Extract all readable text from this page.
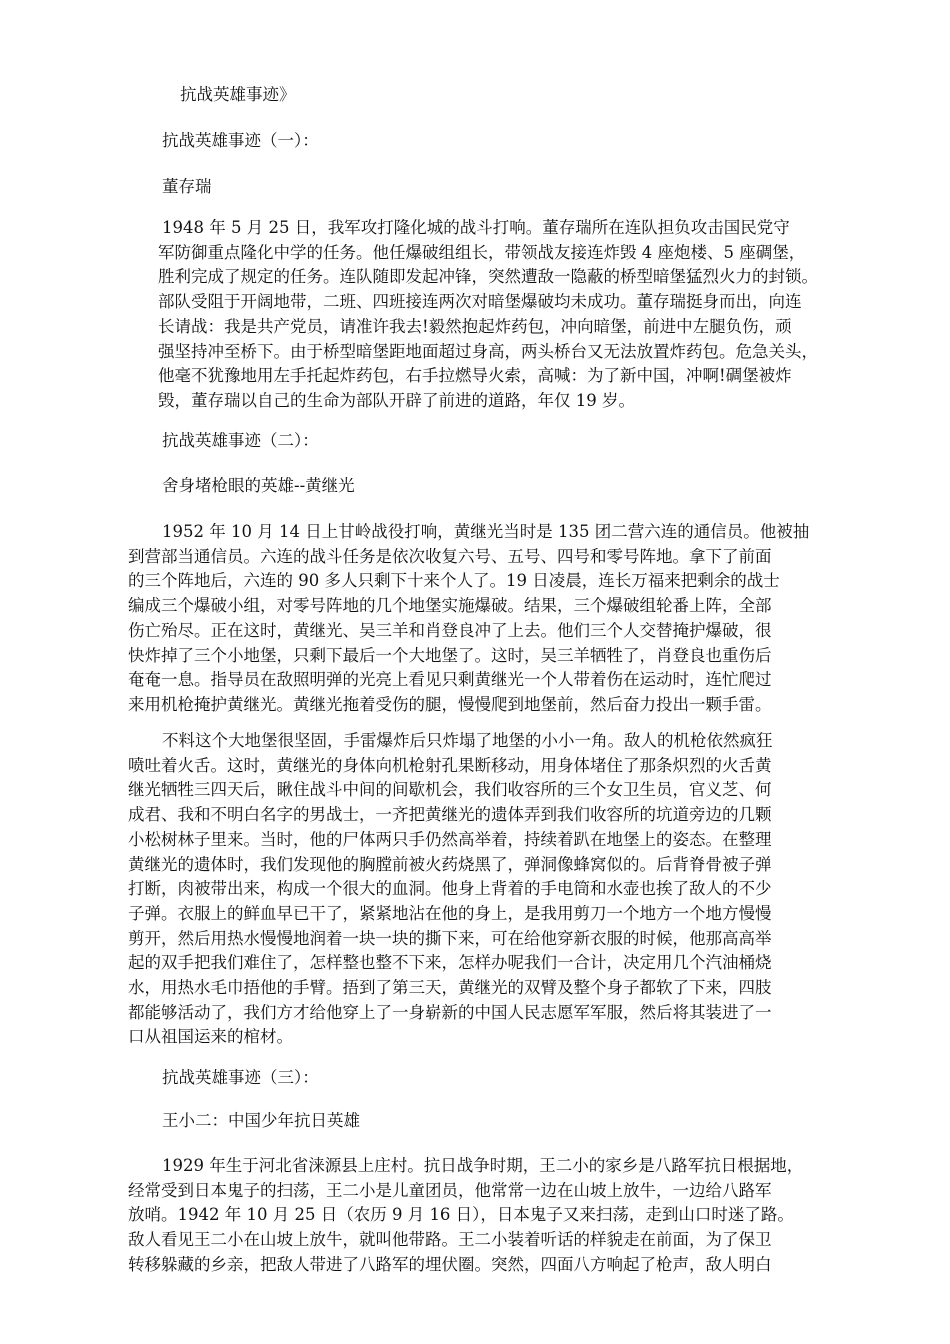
抗战英雄事迹》

抗战英雄事迹（一）：

董存瑞

1948 年 5 月 25 日，我军攻打隆化城的战斗打响。董存瑞所在连队担负攻击国民党守
军防御重点隆化中学的任务。他任爆破组组长，带领战友接连炸毁 4 座炮楼、5 座碉堡，
胜利完成了规定的任务。连队随即发起冲锋，突然遭敌一隐蔽的桥型暗堡猛烈火力的封锁。
部队受阻于开阔地带，二班、四班接连两次对暗堡爆破均未成功。董存瑞挺身而出，向连
长请战：我是共产党员，请准许我去!毅然抱起炸药包，冲向暗堡，前进中左腿负伤，顽
强坚持冲至桥下。由于桥型暗堡距地面超过身高，两头桥台又无法放置炸药包。危急关头，
他毫不犹豫地用左手托起炸药包，右手拉燃导火索，高喊：为了新中国，冲啊!碉堡被炸
毁，董存瑞以自己的生命为部队开辟了前进的道路，年仅 19 岁。

抗战英雄事迹（二）：

舍身堵枪眼的英雄--黄继光

1952 年 10 月 14 日上甘岭战役打响，黄继光当时是 135 团二营六连的通信员。他被抽
到营部当通信员。六连的战斗任务是依次收复六号、五号、四号和零号阵地。拿下了前面
的三个阵地后，六连的 90 多人只剩下十来个人了。19 日凌晨，连长万福来把剩余的战士
编成三个爆破小组，对零号阵地的几个地堡实施爆破。结果，三个爆破组轮番上阵，全部
伤亡殆尽。正在这时，黄继光、吴三羊和肖登良冲了上去。他们三个人交替掩护爆破，很
快炸掉了三个小地堡，只剩下最后一个大地堡了。这时，吴三羊牺牲了，肖登良也重伤后
奄奄一息。指导员在敌照明弹的光亮上看见只剩黄继光一个人带着伤在运动时，连忙爬过
来用机枪掩护黄继光。黄继光拖着受伤的腿，慢慢爬到地堡前，然后奋力投出一颗手雷。
不料这个大地堡很坚固，手雷爆炸后只炸塌了地堡的小小一角。敌人的机枪依然疯狂
喷吐着火舌。这时，黄继光的身体向机枪射孔果断移动，用身体堵住了那条炽烈的火舌黄
继光牺牲三四天后，瞅住战斗中间的间歇机会，我们收容所的三个女卫生员，官义芝、何
成君、我和不明白名字的男战士，一齐把黄继光的遗体弄到我们收容所的坑道旁边的几颗
小松树林子里来。当时，他的尸体两只手仍然高举着，持续着趴在地堡上的姿态。在整理
黄继光的遗体时，我们发现他的胸膛前被火药烧黑了，弹洞像蜂窝似的。后背脊骨被子弹
打断，肉被带出来，构成一个很大的血洞。他身上背着的手电筒和水壶也挨了敌人的不少
子弹。衣服上的鲜血早已干了，紧紧地沾在他的身上，是我用剪刀一个地方一个地方慢慢
剪开，然后用热水慢慢地润着一块一块的撕下来，可在给他穿新衣服的时候，他那高高举
起的双手把我们难住了，怎样整也整不下来，怎样办呢我们一合计，决定用几个汽油桶烧
水，用热水毛巾捂他的手臂。捂到了第三天，黄继光的双臂及整个身子都软了下来，四肢
都能够活动了，我们方才给他穿上了一身崭新的中国人民志愿军军服，然后将其装进了一
口从祖国运来的棺材。

抗战英雄事迹（三）：

王小二：中国少年抗日英雄

1929 年生于河北省涞源县上庄村。抗日战争时期，王二小的家乡是八路军抗日根据地，
经常受到日本鬼子的扫荡，王二小是儿童团员，他常常一边在山坡上放牛，一边给八路军
放哨。1942 年 10 月 25 日（农历 9 月 16 日），日本鬼子又来扫荡，走到山口时迷了路。
敌人看见王二小在山坡上放牛，就叫他带路。王二小装着听话的样貌走在前面，为了保卫
转移躲藏的乡亲，把敌人带进了八路军的埋伏圈。突然，四面八方响起了枪声，敌人明白
